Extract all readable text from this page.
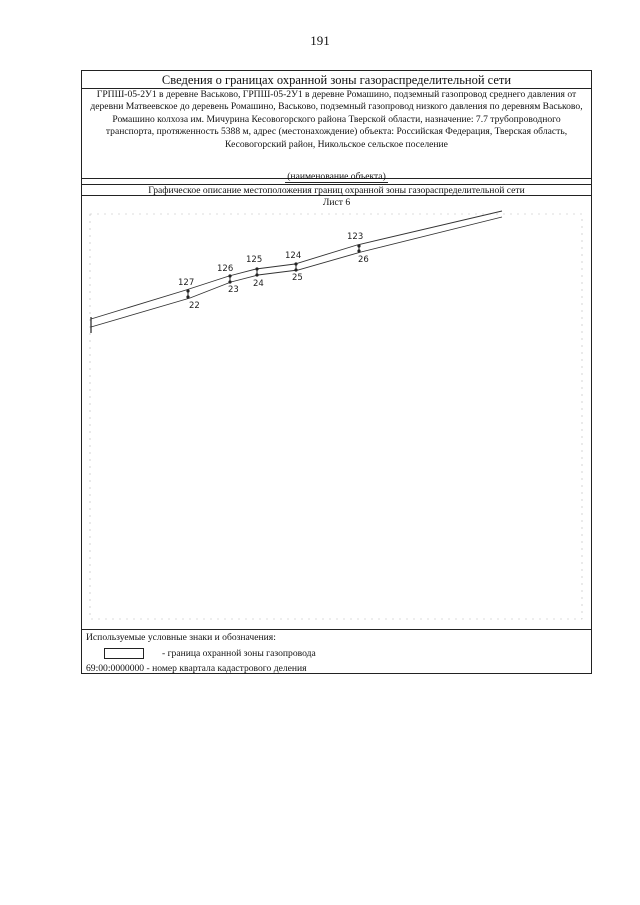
191
Сведения о границах охранной зоны газораспределительной сети
ГРПШ-05-2У1 в деревне Васьково, ГРПШ-05-2У1 в деревне Ромашино, подземный газопровод среднего давления от деревни Матвеевское до деревень Ромашино, Васьково, подземный газопровод низкого давления по деревням Васьково, Ромашино колхоза им. Мичурина Кесовогорского района Тверской области, назначение: 7.7 трубопроводного транспорта, протяженность 5388 м, адрес (местонахождение) объекта: Российская Федерация, Тверская область, Кесовогорский район, Никольское сельское поселение
(наименование объекта)
Графическое описание местоположения границ охранной зоны газораспределительной сети
Лист 6
127
22
126
23
125
24
124
25
123
26
Используемые условные знаки и обозначения:
- граница охранной зоны газопровода
69:00:0000000 - номер квартала кадастрового деления
